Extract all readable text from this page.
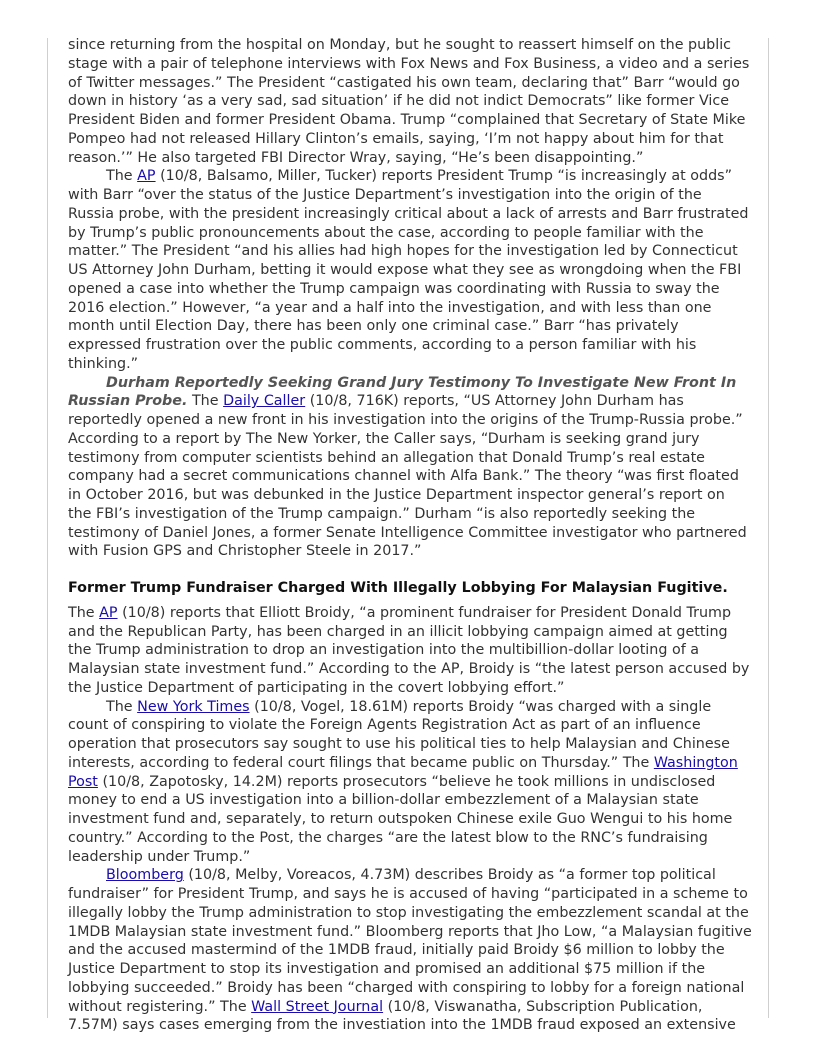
since returning from the hospital on Monday, but he sought to reassert himself on the public stage with a pair of telephone interviews with Fox News and Fox Business, a video and a series of Twitter messages.” The President “castigated his own team, declaring that” Barr “would go down in history ‘as a very sad, sad situation’ if he did not indict Democrats” like former Vice President Biden and former President Obama. Trump “complained that Secretary of State Mike Pompeo had not released Hillary Clinton’s emails, saying, ‘I’m not happy about him for that reason.’” He also targeted FBI Director Wray, saying, “He’s been disappointing.”

The AP (10/8, Balsamo, Miller, Tucker) reports President Trump “is increasingly at odds” with Barr “over the status of the Justice Department’s investigation into the origin of the Russia probe, with the president increasingly critical about a lack of arrests and Barr frustrated by Trump’s public pronouncements about the case, according to people familiar with the matter.” The President “and his allies had high hopes for the investigation led by Connecticut US Attorney John Durham, betting it would expose what they see as wrongdoing when the FBI opened a case into whether the Trump campaign was coordinating with Russia to sway the 2016 election.” However, “a year and a half into the investigation, and with less than one month until Election Day, there has been only one criminal case.” Barr “has privately expressed frustration over the public comments, according to a person familiar with his thinking.”

Durham Reportedly Seeking Grand Jury Testimony To Investigate New Front In Russian Probe. The Daily Caller (10/8, 716K) reports, “US Attorney John Durham has reportedly opened a new front in his investigation into the origins of the Trump-Russia probe.” According to a report by The New Yorker, the Caller says, “Durham is seeking grand jury testimony from computer scientists behind an allegation that Donald Trump’s real estate company had a secret communications channel with Alfa Bank.” The theory “was first floated in October 2016, but was debunked in the Justice Department inspector general’s report on the FBI’s investigation of the Trump campaign.” Durham “is also reportedly seeking the testimony of Daniel Jones, a former Senate Intelligence Committee investigator who partnered with Fusion GPS and Christopher Steele in 2017.”

Former Trump Fundraiser Charged With Illegally Lobbying For Malaysian Fugitive.

The AP (10/8) reports that Elliott Broidy, “a prominent fundraiser for President Donald Trump and the Republican Party, has been charged in an illicit lobbying campaign aimed at getting the Trump administration to drop an investigation into the multibillion-dollar looting of a Malaysian state investment fund.” According to the AP, Broidy is “the latest person accused by the Justice Department of participating in the covert lobbying effort.”

The New York Times (10/8, Vogel, 18.61M) reports Broidy “was charged with a single count of conspiring to violate the Foreign Agents Registration Act as part of an influence operation that prosecutors say sought to use his political ties to help Malaysian and Chinese interests, according to federal court filings that became public on Thursday.” The Washington Post (10/8, Zapotosky, 14.2M) reports prosecutors “believe he took millions in undisclosed money to end a US investigation into a billion-dollar embezzlement of a Malaysian state investment fund and, separately, to return outspoken Chinese exile Guo Wengui to his home country.” According to the Post, the charges “are the latest blow to the RNC’s fundraising leadership under Trump.”

Bloomberg (10/8, Melby, Voreacos, 4.73M) describes Broidy as “a former top political fundraiser” for President Trump, and says he is accused of having “participated in a scheme to illegally lobby the Trump administration to stop investigating the embezzlement scandal at the 1MDB Malaysian state investment fund.” Bloomberg reports that Jho Low, “a Malaysian fugitive and the accused mastermind of the 1MDB fraud, initially paid Broidy $6 million to lobby the Justice Department to stop its investigation and promised an additional $75 million if the lobbying succeeded.” Broidy has been “charged with conspiring to lobby for a foreign national without registering.” The Wall Street Journal (10/8, Viswanatha, Subscription Publication, 7.57M) says cases emerging from the investiation into the 1MDB fraud exposed an extensive
